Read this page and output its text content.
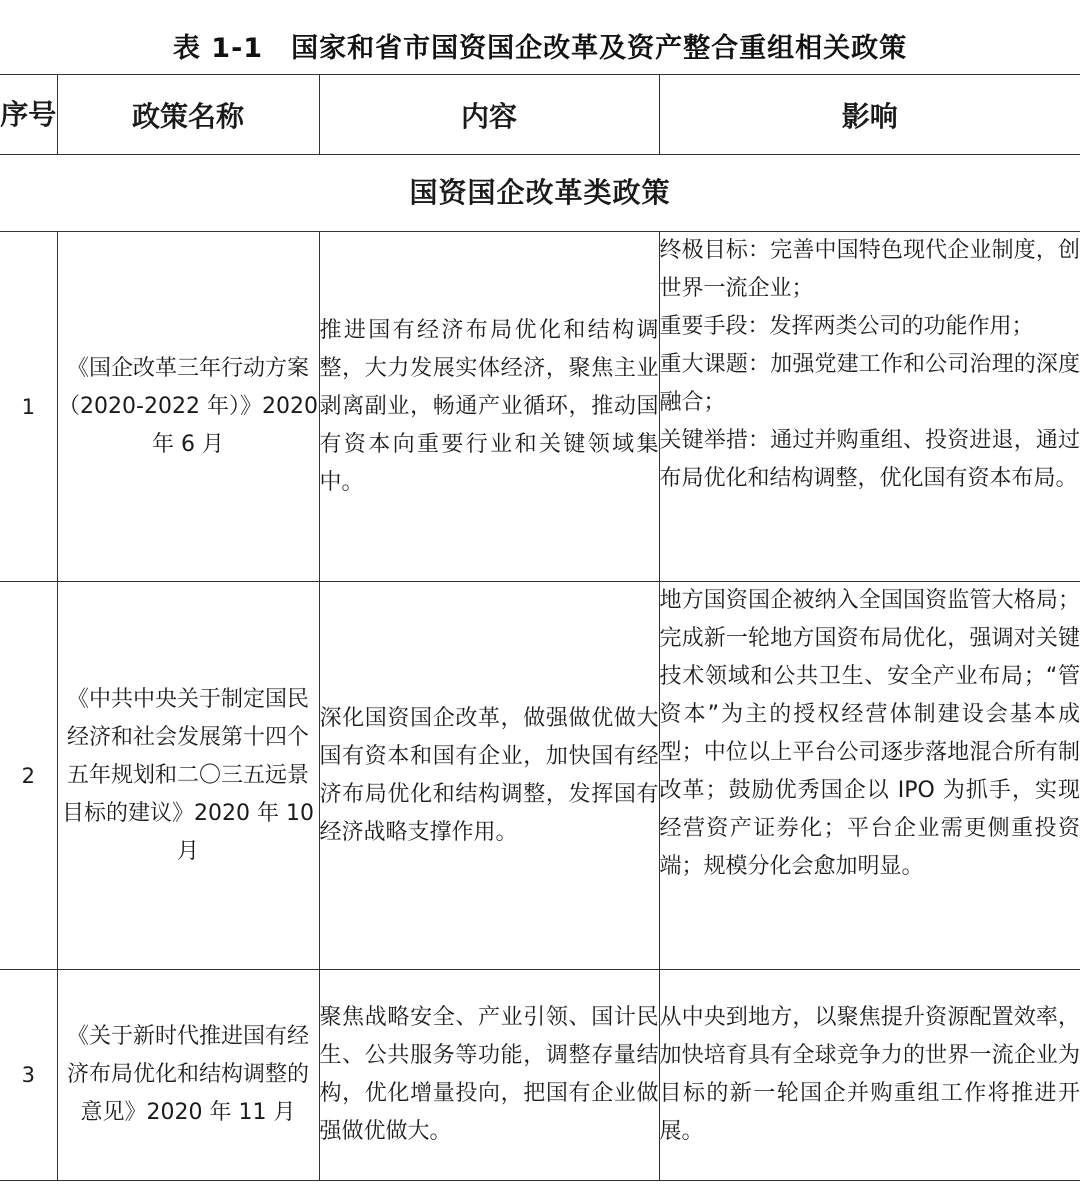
表 1-1　国家和省市国资国企改革及资产整合重组相关政策
序号	政策名称	内容	影响
国资国企改革类政策			
1	《国企改革三年行动方案（2020-2022 年）》2020 年 6 月	推进国有经济布局优化和结构调整，大力发展实体经济，聚焦主业剥离副业，畅通产业循环，推动国有资本向重要行业和关键领域集中。	终极目标：完善中国特色现代企业制度，创世界一流企业；
重要手段：发挥两类公司的功能作用；
重大课题：加强党建工作和公司治理的深度融合；
关键举措：通过并购重组、投资进退，通过布局优化和结构调整，优化国有资本布局。

2	《中共中央关于制定国民经济和社会发展第十四个五年规划和二〇三五远景目标的建议》2020 年 10 月	深化国资国企改革，做强做优做大国有资本和国有企业，加快国有经济布局优化和结构调整，发挥国有经济战略支撑作用。	地方国资国企被纳入全国国资监管大格局；完成新一轮地方国资布局优化，强调对关键技术领域和公共卫生、安全产业布局；“管资本”为主的授权经营体制建设会基本成型；中位以上平台公司逐步落地混合所有制改革；鼓励优秀国企以 IPO 为抓手，实现经营资产证券化；平台企业需更侧重投资端；规模分化会愈加明显。

3	《关于新时代推进国有经济布局优化和结构调整的意见》2020 年 11 月	聚焦战略安全、产业引领、国计民生、公共服务等功能，调整存量结构，优化增量投向，把国有企业做强做优做大。	从中央到地方，以聚焦提升资源配置效率，加快培育具有全球竞争力的世界一流企业为目标的新一轮国企并购重组工作将推进开展。
